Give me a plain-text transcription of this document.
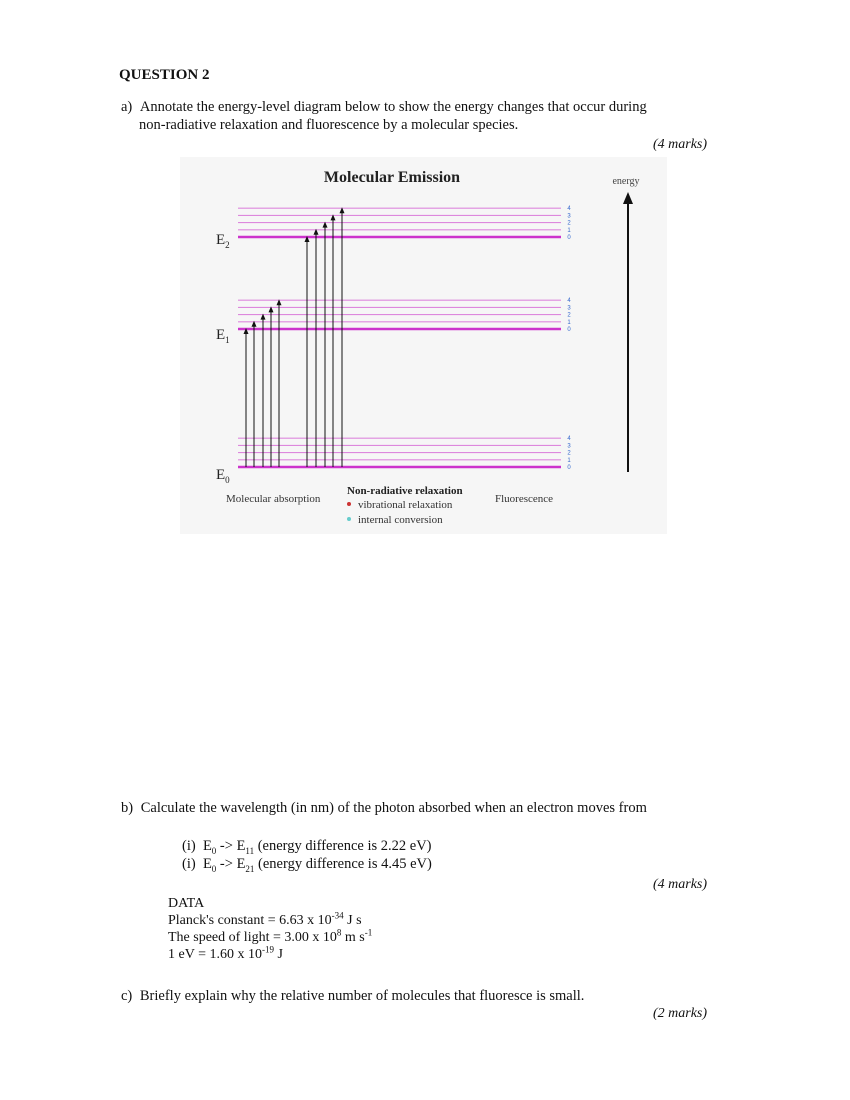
QUESTION 2
a) Annotate the energy-level diagram below to show the energy changes that occur during
non-radiative relaxation and fluorescence by a molecular species.
(4 marks)
Molecular Emission	energy
0
1
2
3
4
0
1
2
3
4
0
1
2
3
4
$E_2$
$E_1$
$E_0$
Molecular absorption
Non-radiative relaxation
vibrational relaxation
internal conversion
Fluorescence
b) Calculate the wavelength (in nm) of the photon absorbed when an electron moves from
(i) $E_0 -> E_{11}$ (energy difference is 2.22 eV)
(i) $E_0 -> E_{21}$ (energy difference is 4.45 eV)
(4 marks)
DATA
Planck's constant = 6.63 x $10^{-34}$ J s
The speed of light = 3.00 x $10^8$ m $s^{-1}$
1 eV = 1.60 x $10^{-19}$ J
c) Briefly explain why the relative number of molecules that fluoresce is small.
(2 marks)
